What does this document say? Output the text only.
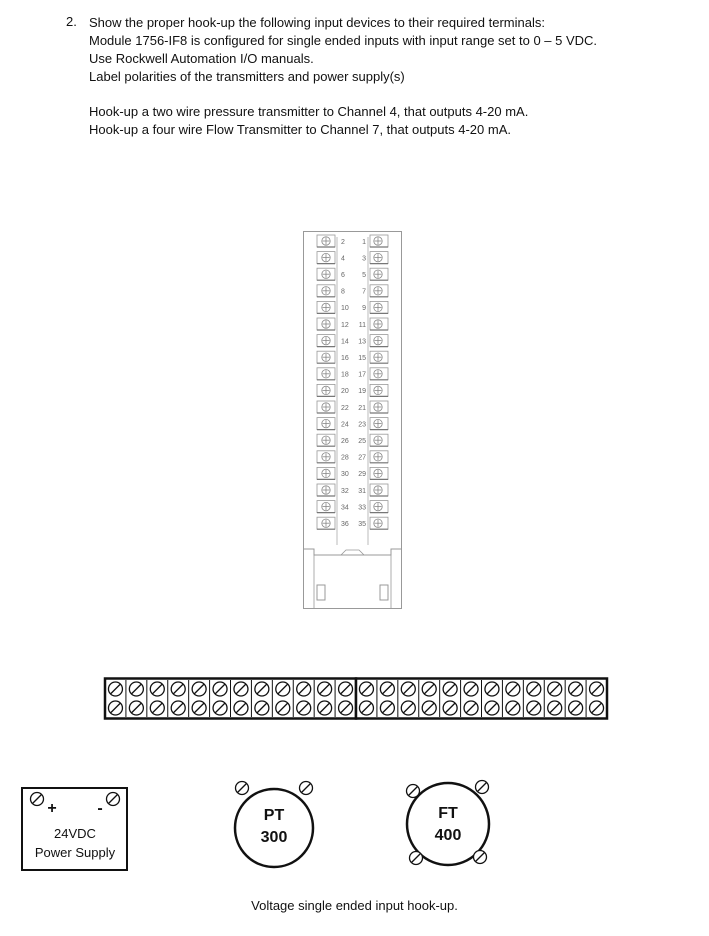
2. Show the proper hook-up the following input devices to their required terminals:
Module 1756-IF8 is configured for single ended inputs with input range set to 0 – 5 VDC.
Use Rockwell Automation I/O manuals.
Label polarities of the transmitters and power supply(s)
Hook-up a two wire pressure transmitter to Channel 4, that outputs 4-20 mA.
Hook-up a four wire Flow Transmitter to Channel 7, that outputs 4-20 mA.
2 1
4 3
6 5
8 7
10 9
12 11
14 13
16 15
18 17
20 19
22 21
24 23
26 25
28 27
30 29
32 31
34 33
36 35
+	-
24VDC
Power Supply
PT
300
FT
400
Voltage single ended input hook-up.
